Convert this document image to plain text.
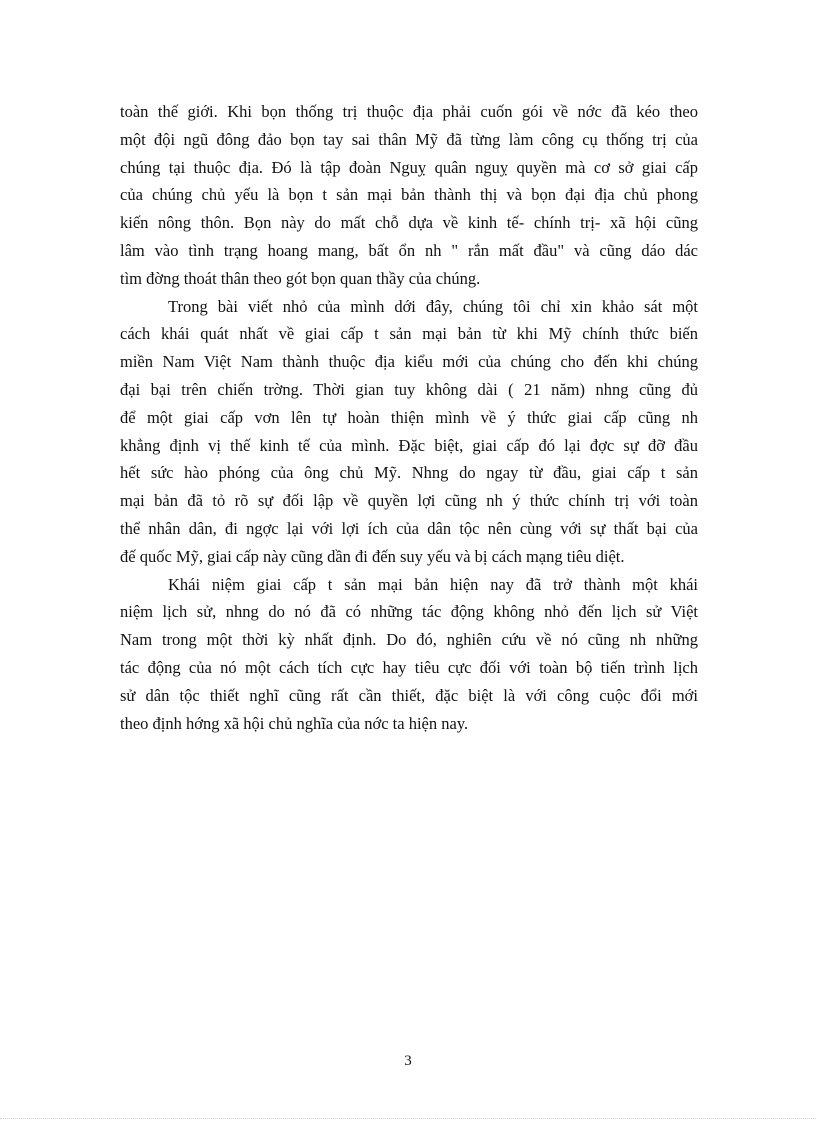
toàn thế giới. Khi bọn thống trị thuộc địa phải cuốn gói về nớc đã kéo theo
một đội ngũ đông đảo bọn tay sai thân Mỹ đã từng làm công cụ thống trị của
chúng tại thuộc địa. Đó là tập đoàn Nguỵ quân nguỵ quyền mà cơ sở giai cấp
của chúng chủ yếu là bọn t sản mại bản thành thị và bọn đại địa chủ phong
kiến nông thôn. Bọn này do mất chỗ dựa về kinh tế- chính trị- xã hội cũng
lâm vào tình trạng hoang mang, bất ổn nh " rắn mất đầu" và cũng dáo dác
tìm đờng thoát thân theo gót bọn quan thầy của chúng.
Trong bài viết nhỏ của mình dới đây, chúng tôi chỉ xin khảo sát một
cách khái quát nhất về giai cấp t sản mại bản từ khi Mỹ chính thức biến
miền Nam Việt Nam thành thuộc địa kiểu mới của chúng cho đến khi chúng
đại bại trên chiến trờng. Thời gian tuy không dài ( 21 năm) nhng cũng đủ
để một giai cấp vơn lên tự hoàn thiện mình về ý thức giai cấp cũng nh
khẳng định vị thế kinh tế của mình. Đặc biệt, giai cấp đó lại đợc sự đỡ đầu
hết sức hào phóng của ông chủ Mỹ. Nhng do ngay từ đầu, giai cấp t sản
mại bản đã tỏ rõ sự đối lập về quyền lợi cũng nh ý thức chính trị với toàn
thể nhân dân, đi ngợc lại với lợi ích của dân tộc nên cùng với sự thất bại của
đế quốc Mỹ, giai cấp này cũng dần đi đến suy yếu và bị cách mạng tiêu diệt.
Khái niệm giai cấp t sản mại bản hiện nay đã trở thành một khái
niệm lịch sử, nhng do nó đã có những tác động không nhỏ đến lịch sử Việt
Nam trong một thời kỳ nhất định. Do đó, nghiên cứu về nó cũng nh những
tác động của nó một cách tích cực hay tiêu cực đối với toàn bộ tiến trình lịch
sử dân tộc thiết nghĩ cũng rất cần thiết, đặc biệt là với công cuộc đổi mới
theo định hớng xã hội chủ nghĩa của nớc ta hiện nay.
3
